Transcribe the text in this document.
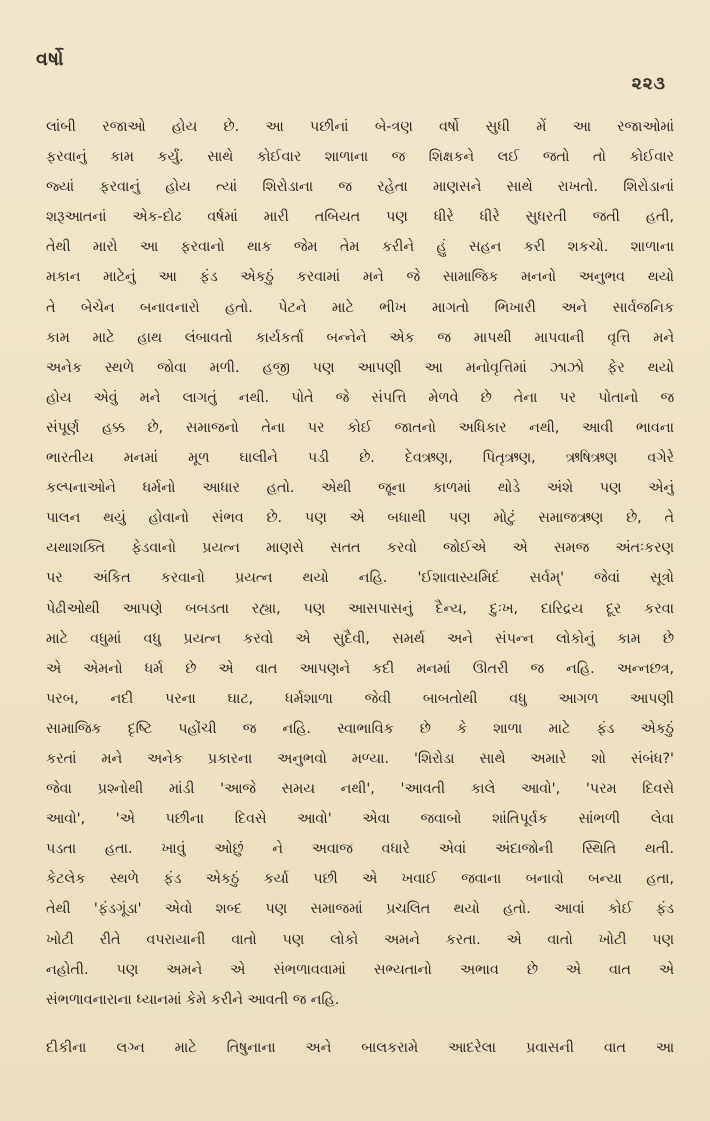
વર્ષો
૨૨૩
લાંબી રજાઓ હોય છે. આ પછીનાં બે-ત્રણ વર્ષો સુધી મેં આ રજાઓમાં
ફરવાનું કામ કર્યું. સાથે કોઈવાર શાળાના જ શિક્ષકને લઈ જતો તો કોઈવાર
જ્યાં ફરવાનું હોય ત્યાં શિરોડાના જ રહેતા માણસને સાથે રાખતો. શિરોડાનાં
શરૂઆતનાં એક-દોઢ વર્ષમાં મારી તબિયત પણ ધીરે ધીરે સુધરતી જતી હતી,
તેથી મારો આ ફરવાનો થાક જેમ તેમ કરીને હું સહન કરી શકચો. શાળાના
મકાન માટેનું આ ફંડ એકઠું કરવામાં મને જે સામાજિક મનનો અનુભવ થયો
તે બેચેન બનાવનારો હતો. પેટને માટે ભીખ માગતો ભિખારી અને સાર્વજનિક
કામ માટે હાથ લંબાવતો કાર્યકર્તા બન્નેને એક જ માપથી માપવાની વૃત્તિ મને
અનેક સ્થળે જોવા મળી. હજી પણ આપણી આ મનોવૃત્તિમાં ઝાઝો ફેર થયો
હોય એવું મને લાગતું નથી. પોતે જે સંપત્તિ મેળવે છે તેના પર પોતાનો જ
સંપૂર્ણ હક્ક છે, સમાજનો તેના પર કોઈ જાતનો અધિકાર નથી, આવી ભાવના
ભારતીય મનમાં મૂળ ઘાલીને પડી છે. દેવઋણ, પિતૃઋણ, ઋષિઋણ વગેરે
કલ્પનાઓને ધર્મનો આધાર હતો. એથી જૂના કાળમાં થોડે અંશે પણ એનું
પાલન થયું હોવાનો સંભવ છે. પણ એ બધાથી પણ મોટું સમાજઋણ છે, તે
યથાશક્તિ ફેડવાનો પ્રયત્ન માણસે સતત કરવો જોઈએ એ સમજ અંતઃકરણ
પર અંકિત કરવાનો પ્રયત્ન થયો નહિ. 'ઈશાવાસ્યમિદં સર્વમ્' જેવાં સૂત્રો
પેઢીઓથી આપણે બબડતા રહ્યા, પણ આસપાસનું દૈન્ય, દુઃખ, દારિદ્રય દૂર કરવા
માટે વધુમાં વધુ પ્રયત્ન કરવો એ સુદૈવી, સમર્થ અને સંપન્ન લોકોનું કામ છે
એ એમનો ધર્મ છે એ વાત આપણને કદી મનમાં ઊતરી જ નહિ. અન્નછત્ર,
પરબ, નદી પરના ઘાટ, ધર્મશાળા જેવી બાબતોથી વધુ આગળ આપણી
સામાજિક દૃષ્ટિ પહોંચી જ નહિ. સ્વાભાવિક છે કે શાળા માટે ફંડ એકઠું
કરતાં મને અનેક પ્રકારના અનુભવો મળ્યા. 'શિરોડા સાથે અમારે શો સંબંધ?'
જેવા પ્રશ્નોથી માંડી 'આજે સમય નથી', 'આવતી કાલે આવો', 'પરમ દિવસે
આવો', 'એ પછીના દિવસે આવો' એવા જવાબો શાંતિપૂર્વક સાંભળી લેવા
પડતા હતા. ખાવું ઓછું ને અવાજ વધારે એવાં અંદાજોની સ્થિતિ થતી.
કેટલેક સ્થળે ફંડ એકઠું કર્યા પછી એ ખવાઈ જવાના બનાવો બન્યા હતા,
તેથી 'ફંડગૂંડા' એવો શબ્દ પણ સમાજમાં પ્રચલિત થયો હતો. આવાં કોઈ ફંડ
ખોટી રીતે વપરાયાની વાતો પણ લોકો અમને કરતા. એ વાતો ખોટી પણ
નહોતી. પણ અમને એ સંભળાવવામાં સભ્યતાનો અભાવ છે એ વાત એ
સંભળાવનારાના ધ્યાનમાં કેમે કરીને આવતી જ નહિ.
દીકીના લગ્ન માટે તિષુનાના અને બાલકરામે આદરેલા પ્રવાસની વાત આ
